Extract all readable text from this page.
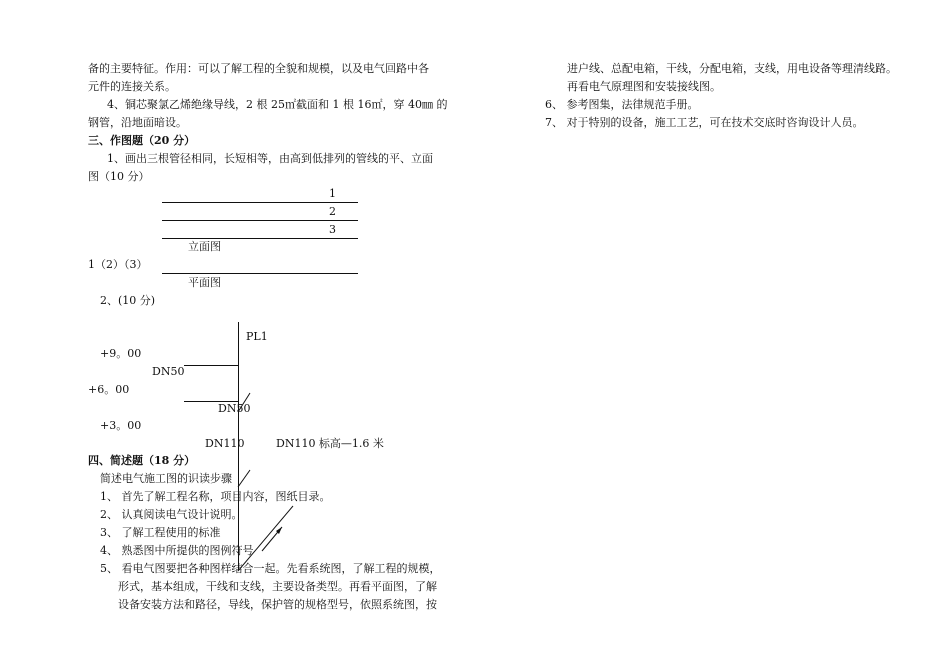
备的主要特征。作用：可以了解工程的全貌和规模，以及电气回路中各
元件的连接关系。
4、铜芯聚氯乙烯绝缘导线，2 根 25㎡截面和 1 根 16㎡，穿 40㎜ 的
钢管，沿地面暗设。
三、作图题（20 分）
1、画出三根管径相同，长短相等，由高到低排列的管线的平、立面
图（10 分）
1
2
3
立面图
1（2）（3）
平面图
2、(10 分)
PL1
+9。00
DN50
+6。00
DN50
+3。00
DN110	DN110 标高—1.6 米
四、简述题（18 分）
简述电气施工图的识读步骤
1、 首先了解工程名称，项目内容，图纸目录。
2、 认真阅读电气设计说明。
3、 了解工程使用的标准
4、 熟悉图中所提供的图例符号
5、 看电气图要把各种图样结合一起。先看系统图，了解工程的规模，
形式，基本组成，干线和支线，主要设备类型。再看平面图，了解
设备安装方法和路径，导线，保护管的规格型号，依照系统图，按
进户线、总配电箱，干线，分配电箱，支线，用电设备等理清线路。
再看电气原理图和安装接线图。
6、 参考图集，法律规范手册。
7、 对于特别的设备，施工工艺，可在技术交底时咨询设计人员。
